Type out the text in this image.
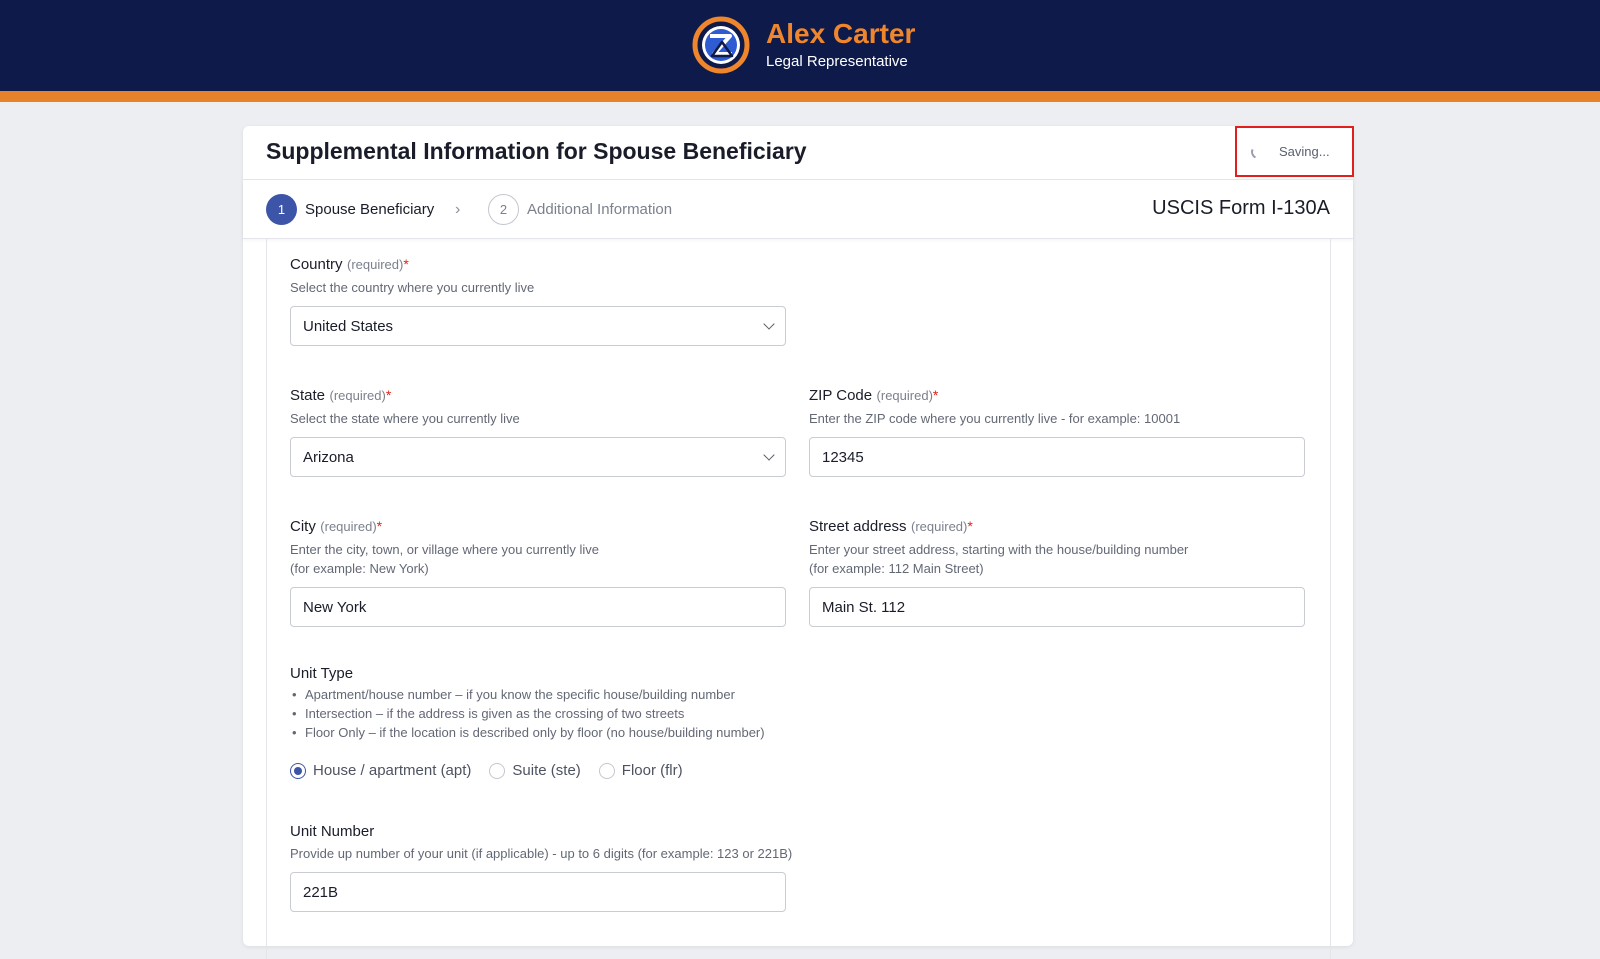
Alex Carter
Legal Representative
Supplemental Information for Spouse Beneficiary	Saving...
1	Spouse Beneficiary ›	2	Additional Information	USCIS Form I-130A
Country (required)*
Select the country where you currently live
United States
State (required)*
Select the state where you currently live
Arizona
ZIP Code (required)*
Enter the ZIP code where you currently live - for example: 10001
12345
City (required)*
Enter the city, town, or village where you currently live
(for example: New York)
New York
Street address (required)*
Enter your street address, starting with the house/building number
(for example: 112 Main Street)
Main St. 112
Unit Type
• Apartment/house number – if you know the specific house/building number
• Intersection – if the address is given as the crossing of two streets
• Floor Only – if the location is described only by floor (no house/building number)
House / apartment (apt)	Suite (ste)	Floor (flr)
Unit Number
Provide up number of your unit (if applicable) - up to 6 digits (for example: 123 or 221B)
221B
